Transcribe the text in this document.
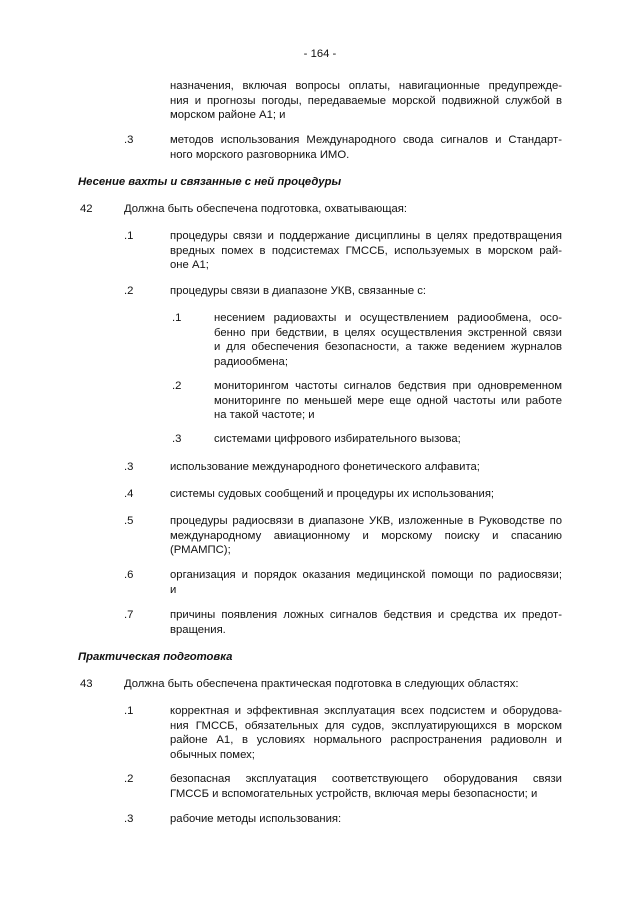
- 164 -
назначения, включая вопросы оплаты, навигационные предупрежде-
ния и прогнозы погоды, передаваемые морской подвижной службой в
морском районе А1; и
.3	методов использования Международного свода сигналов и Стандарт-
ного морского разговорника ИМО.
Несение вахты и связанные с ней процедуры
42	Должна быть обеспечена подготовка, охватывающая:
.1	процедуры связи и поддержание дисциплины в целях предотвращения
вредных помех в подсистемах ГМССБ, используемых в морском рай-
оне А1;
.2	процедуры связи в диапазоне УКВ, связанные с:
.1	несением радиовахты и осуществлением радиообмена, осо-
бенно при бедствии, в целях осуществления экстренной связи
и для обеспечения безопасности, а также ведением журналов
радиообмена;
.2	мониторингом частоты сигналов бедствия при одновременном
мониторинге по меньшей мере еще одной частоты или работе
на такой частоте; и
.3	системами цифрового избирательного вызова;
.3	использование международного фонетического алфавита;
.4	системы судовых сообщений и процедуры их использования;
.5	процедуры радиосвязи в диапазоне УКВ, изложенные в Руководстве по
международному авиационному и морскому поиску и спасанию
(РМАМПС);
.6	организация и порядок оказания медицинской помощи по радиосвязи;
и
.7	причины появления ложных сигналов бедствия и средства их предот-
вращения.
Практическая подготовка
43	Должна быть обеспечена практическая подготовка в следующих областях:
.1	корректная и эффективная эксплуатация всех подсистем и оборудова-
ния ГМССБ, обязательных для судов, эксплуатирующихся в морском
районе А1, в условиях нормального распространения радиоволн и
обычных помех;
.2	безопасная эксплуатация соответствующего оборудования связи
ГМССБ и вспомогательных устройств, включая меры безопасности; и
.3	рабочие методы использования:
